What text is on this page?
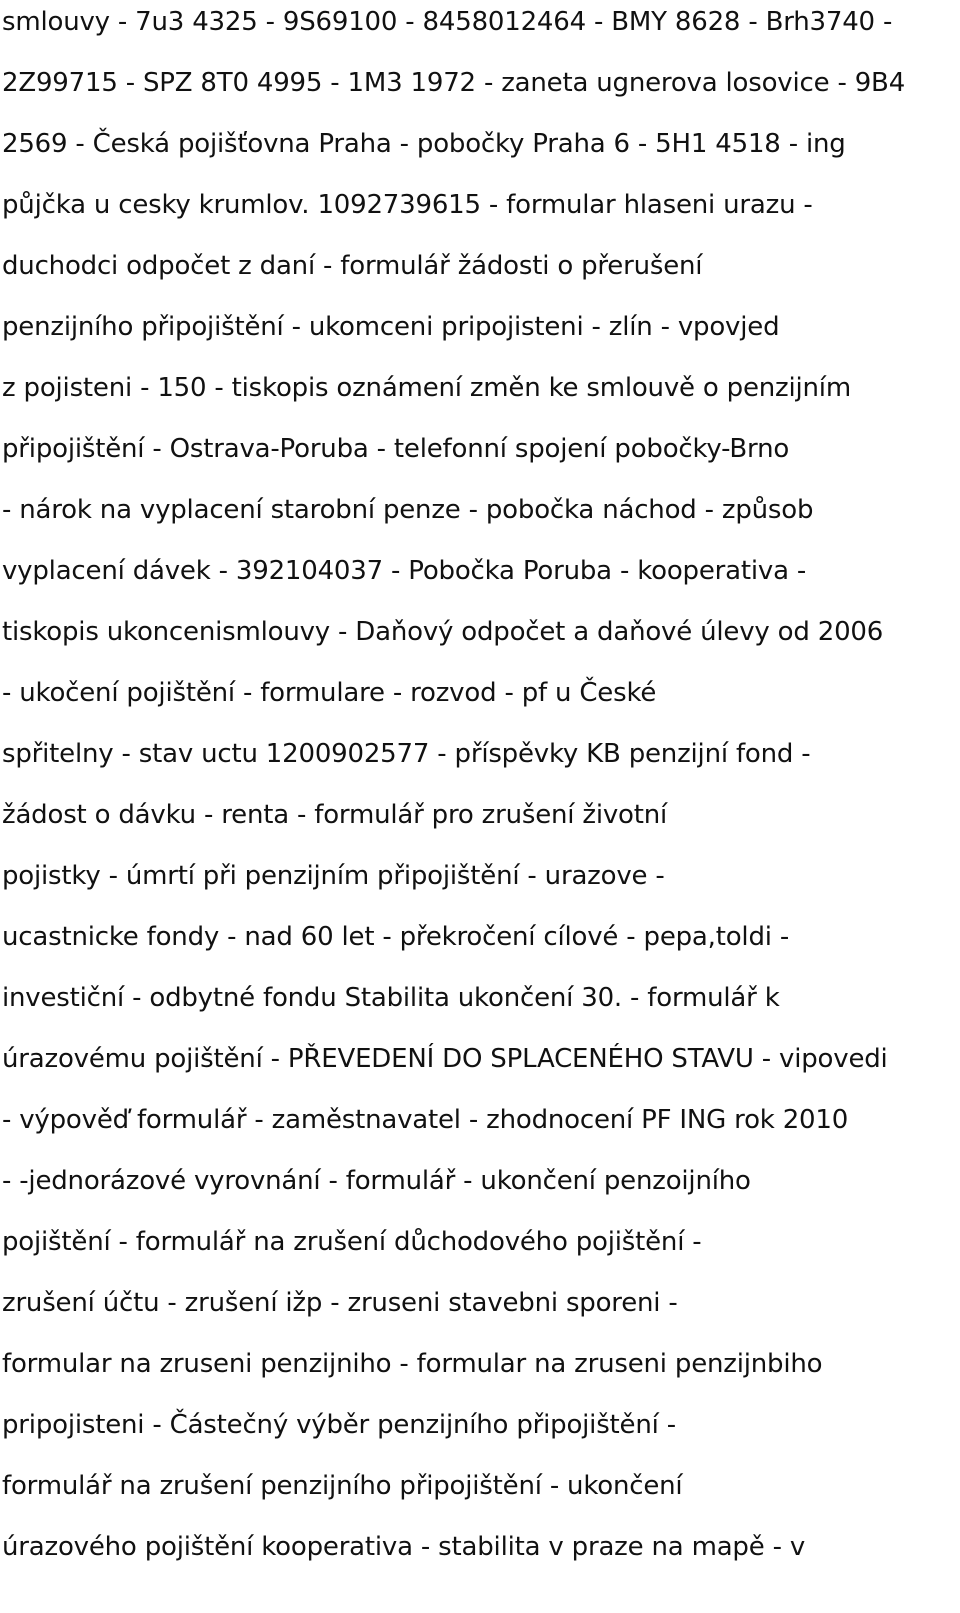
smlouvy - 7u3 4325 - 9S69100 - 8458012464 - BMY 8628 - Brh3740 -
2Z99715 - SPZ 8T0 4995 - 1M3 1972 - zaneta ugnerova losovice - 9B4
2569 - Česká pojišťovna Praha - pobočky Praha 6 - 5H1 4518 - ing
půjčka u cesky krumlov. 1092739615 - formular hlaseni urazu -
duchodci odpočet z daní - formulář žádosti o přerušení
penzijního připojištění - ukomceni pripojisteni - zlín - vpovjed
z pojisteni - 150 - tiskopis oznámení změn ke smlouvě o penzijním
připojištění - Ostrava-Poruba - telefonní spojení pobočky-Brno
- nárok na vyplacení starobní penze - pobočka náchod - způsob
vyplacení dávek - 392104037 - Pobočka Poruba - kooperativa -
tiskopis ukoncenismlouvy - Daňový odpočet a daňové úlevy od 2006
- ukočení pojištění - formulare - rozvod - pf u České
spřitelny - stav uctu 1200902577 - příspěvky KB penzijní fond -
žádost o dávku - renta - formulář pro zrušení životní
pojistky - úmrtí při penzijním připojištění - urazove -
ucastnicke fondy - nad 60 let - překročení cílové - pepa,toldi -
investiční - odbytné fondu Stabilita ukončení 30. - formulář k
úrazovému pojištění - PŘEVEDENÍ DO SPLACENÉHO STAVU - vipovedi
- výpověď formulář - zaměstnavatel - zhodnocení PF ING rok 2010
- -jednorázové vyrovnání - formulář - ukončení penzoijního
pojištění - formulář na zrušení důchodového pojištění -
zrušení účtu - zrušení ižp - zruseni stavebni sporeni -
formular na zruseni penzijniho - formular na zruseni penzijnbiho
pripojisteni - Částečný výběr penzijního připojištění -
formulář na zrušení penzijního připojištění - ukončení
úrazového pojištění kooperativa - stabilita v praze na mapě - v
